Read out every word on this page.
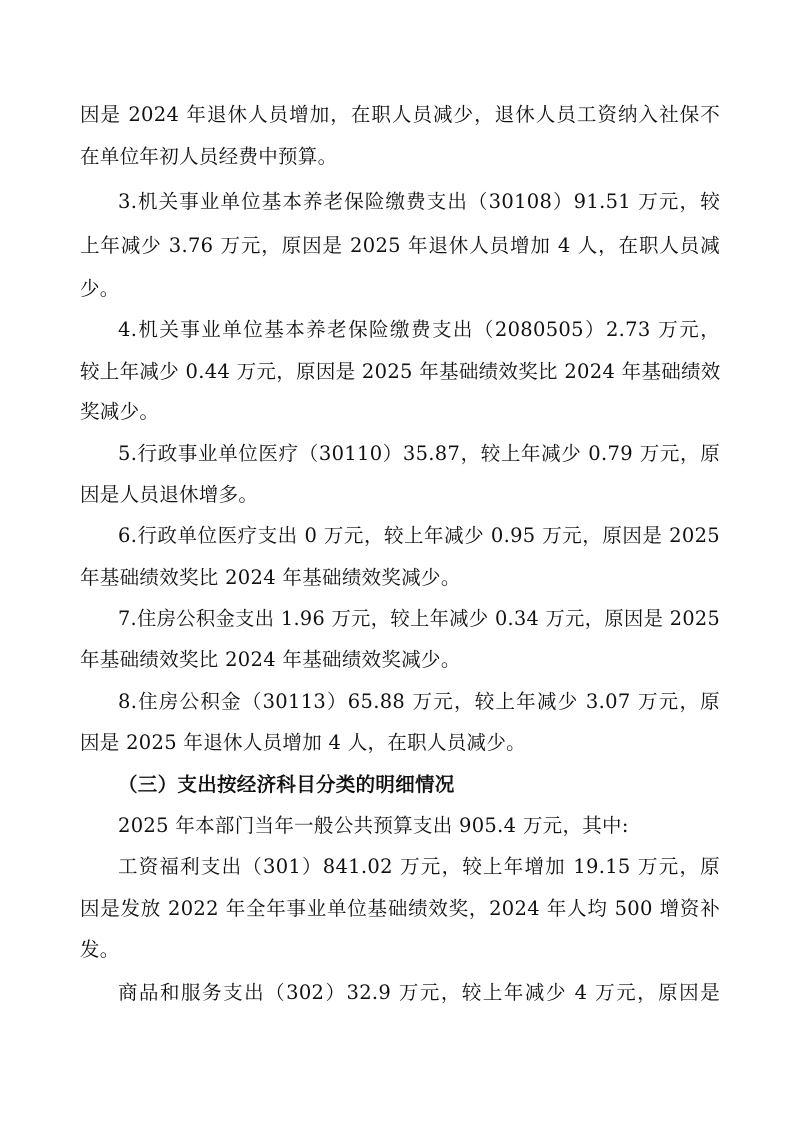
因是 2024 年退休人员增加，在职人员减少，退休人员工资纳入社保不
在单位年初人员经费中预算。
3.机关事业单位基本养老保险缴费支出（30108）91.51 万元，较
上年减少 3.76 万元，原因是 2025 年退休人员增加 4 人，在职人员减
少。
4.机关事业单位基本养老保险缴费支出（2080505）2.73 万元，
较上年减少 0.44 万元，原因是 2025 年基础绩效奖比 2024 年基础绩效
奖减少。
5.行政事业单位医疗（30110）35.87，较上年减少 0.79 万元，原
因是人员退休增多。
6.行政单位医疗支出 0 万元，较上年减少 0.95 万元，原因是 2025
年基础绩效奖比 2024 年基础绩效奖减少。
7.住房公积金支出 1.96 万元，较上年减少 0.34 万元，原因是 2025
年基础绩效奖比 2024 年基础绩效奖减少。
8.住房公积金（30113）65.88 万元，较上年减少 3.07 万元，原
因是 2025 年退休人员增加 4 人，在职人员减少。
（三）支出按经济科目分类的明细情况
2025 年本部门当年一般公共预算支出 905.4 万元，其中:
工资福利支出（301）841.02 万元，较上年增加 19.15 万元，原
因是发放 2022 年全年事业单位基础绩效奖，2024 年人均 500 增资补
发。
商品和服务支出（302）32.9 万元，较上年减少 4 万元，原因是
